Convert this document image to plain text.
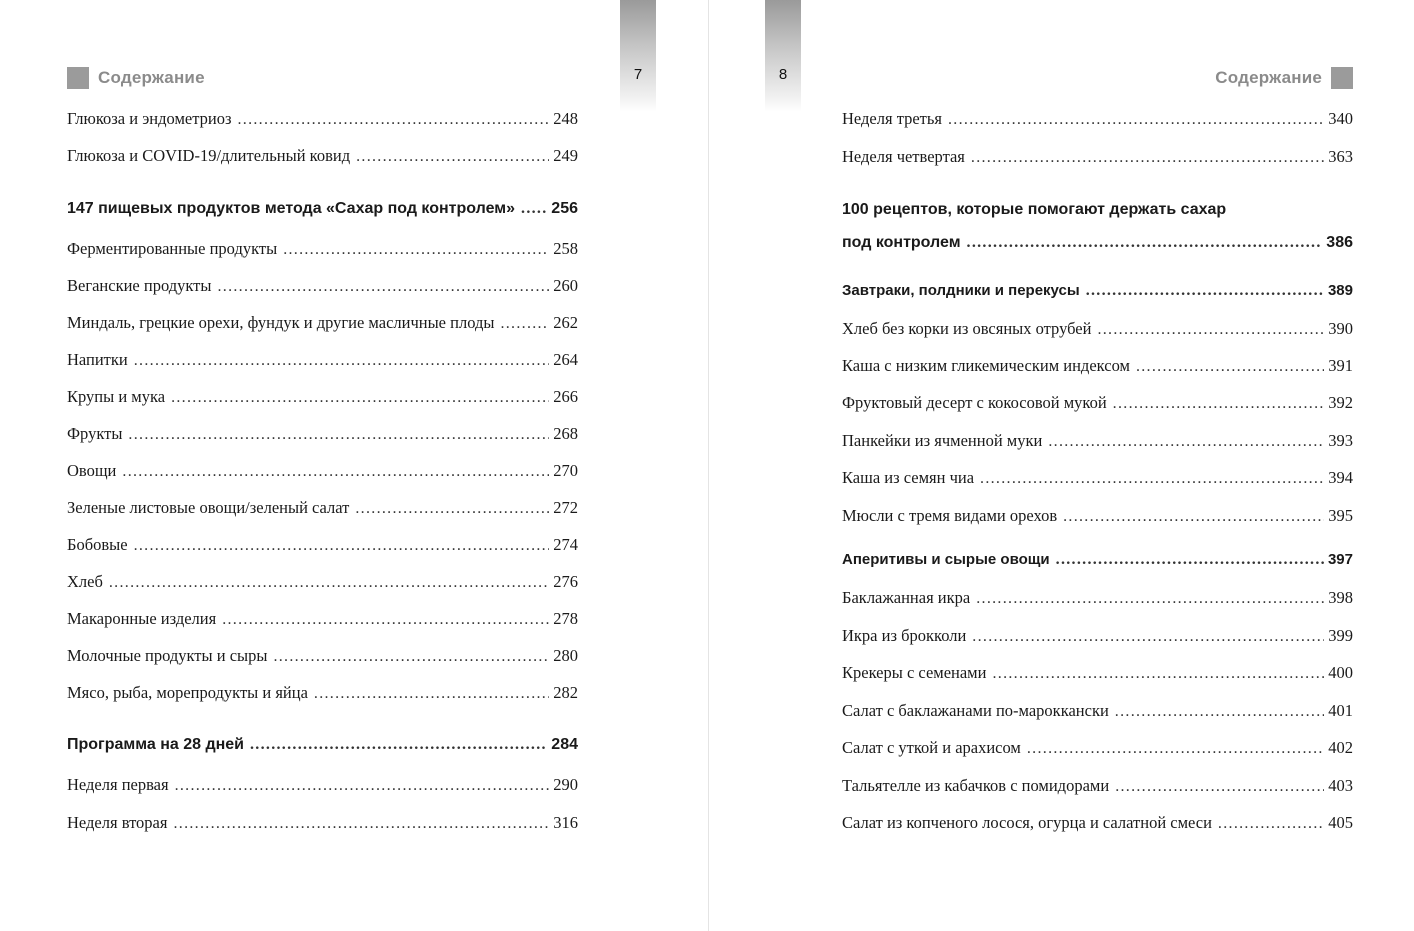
Содержание	7
Глюкоза и эндометриоз .....	248
Глюкоза и COVID-19/длительный ковид .....	249
147 пищевых продуктов метода «Сахар под контролем» ..... 256
Ферментированные продукты .....	258
Веганские продукты .....	260
Миндаль, грецкие орехи, фундук и другие масличные плоды .....	262
Напитки .....	264
Крупы и мука .....	266
Фрукты .....	268
Овощи .....	270
Зеленые листовые овощи/зеленый салат .....	272
Бобовые .....	274
Хлеб .....	276
Макаронные изделия .....	278
Молочные продукты и сыры .....	280
Мясо, рыба, морепродукты и яйца .....	282
Программа на 28 дней .....	284
Неделя первая .....	290
Неделя вторая .....	316
8	Содержание
Неделя третья .....	340
Неделя четвертая .....	363
100 рецептов, которые помогают держать сахар
под контролем .....	386
Завтраки, полдники и перекусы .....	389
Хлеб без корки из овсяных отрубей .....	390
Каша с низким гликемическим индексом .....	391
Фруктовый десерт с кокосовой мукой .....	392
Панкейки из ячменной муки .....	393
Каша из семян чиа .....	394
Мюсли с тремя видами орехов .....	395
Аперитивы и сырые овощи .....	397
Баклажанная икра .....	398
Икра из брокколи .....	399
Крекеры с семенами .....	400
Салат с баклажанами по-мароккански .....	401
Салат с уткой и арахисом .....	402
Тальятелле из кабачков с помидорами .....	403
Салат из копченого лосося, огурца и салатной смеси .....	405
